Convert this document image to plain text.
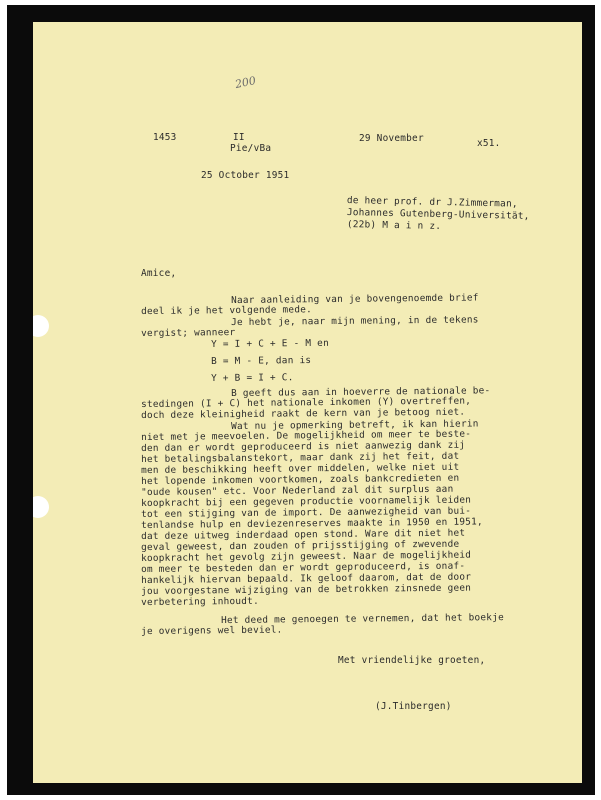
200
1453	II
Pie/vBa
29 November	x51.
25 October 1951
de heer prof. dr J.Zimmerman,
Johannes Gutenberg-Universität,
(22b) M a i n z.
Amice,
Naar aanleiding van je bovengenoemde brief
deel ik je het volgende mede.
Je hebt je, naar mijn mening, in de tekens
vergist; wanneer
Y = I + C + E - M en
B = M - E, dan is
Y + B = I + C.
B geeft dus aan in hoeverre de nationale be-
stedingen (I + C) het nationale inkomen (Y) overtreffen,
doch deze kleinigheid raakt de kern van je betoog niet.
Wat nu je opmerking betreft, ik kan hierin
niet met je meevoelen. De mogelijkheid om meer te beste-
den dan er wordt geproduceerd is niet aanwezig dank zij
het betalingsbalanstekort, maar dank zij het feit, dat
men de beschikking heeft over middelen, welke niet uit
het lopende inkomen voortkomen, zoals bankcredieten en
"oude kousen" etc. Voor Nederland zal dit surplus aan
koopkracht bij een gegeven productie voornamelijk leiden
tot een stijging van de import. De aanwezigheid van bui-
tenlandse hulp en deviezenreserves maakte in 1950 en 1951,
dat deze uitweg inderdaad open stond. Ware dit niet het
geval geweest, dan zouden of prijsstijging of zwevende
koopkracht het gevolg zijn geweest. Naar de mogelijkheid
om meer te besteden dan er wordt geproduceerd, is onaf-
hankelijk hiervan bepaald. Ik geloof daarom, dat de door
jou voorgestane wijziging van de betrokken zinsnede geen
verbetering inhoudt.
Het deed me genoegen te vernemen, dat het boekje
je overigens wel beviel.
Met vriendelijke groeten,
(J.Tinbergen)
